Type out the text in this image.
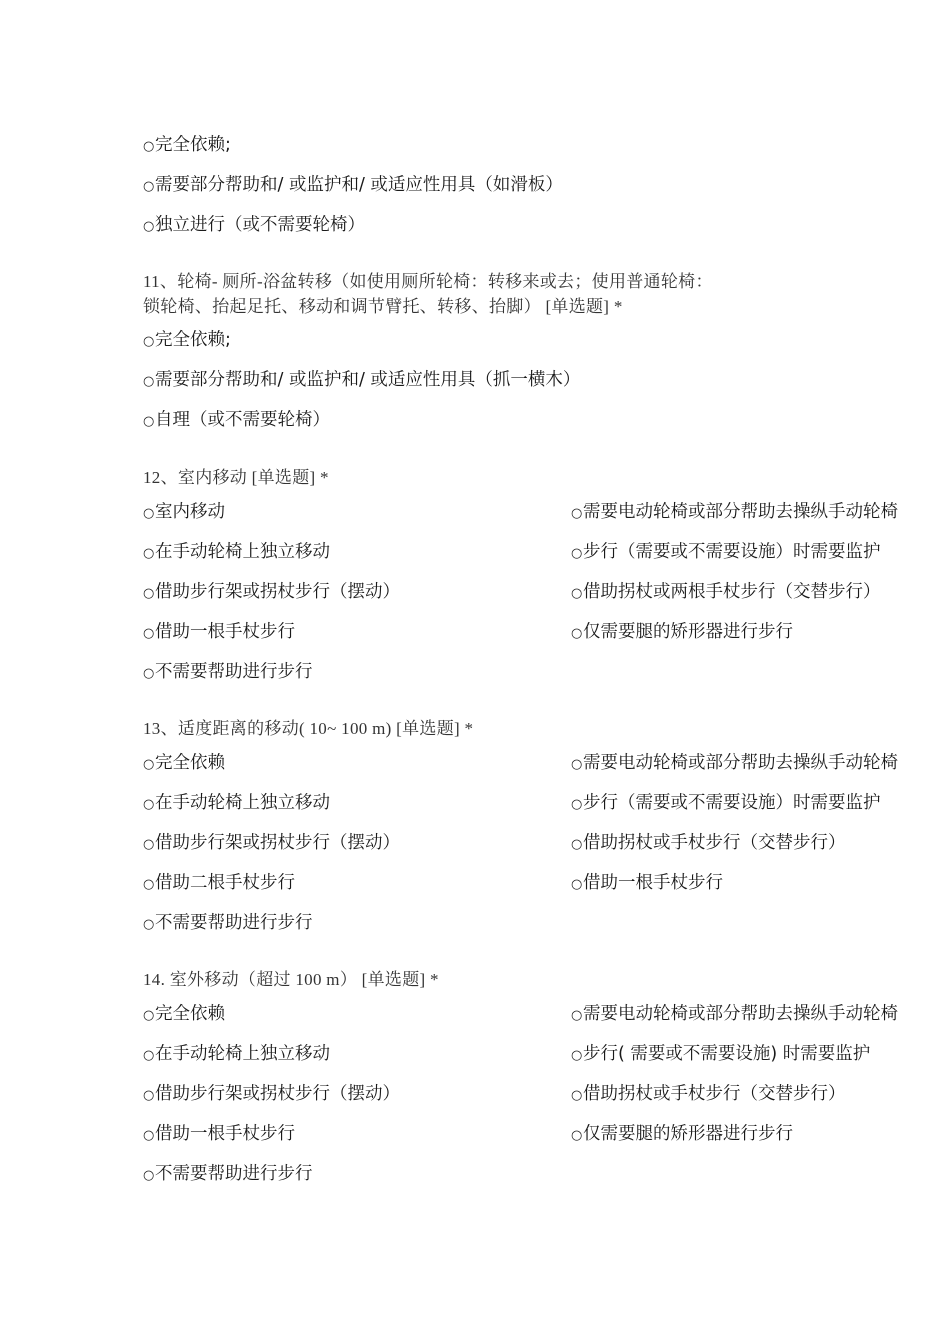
○完全依赖;
○需要部分帮助和/ 或监护和/ 或适应性用具（如滑板）
○独立进行（或不需要轮椅）
11、轮椅- 厕所-浴盆转移（如使用厕所轮椅：转移来或去；使用普通轮椅：
锁轮椅、抬起足托、移动和调节臂托、转移、抬脚） [单选题] *
○完全依赖;
○需要部分帮助和/ 或监护和/ 或适应性用具（抓一横木）
○自理（或不需要轮椅）
12、室内移动 [单选题] *
○室内移动	○需要电动轮椅或部分帮助去操纵手动轮椅
○在手动轮椅上独立移动	○步行（需要或不需要设施）时需要监护
○借助步行架或拐杖步行（摆动）	○借助拐杖或两根手杖步行（交替步行）
○借助一根手杖步行	○仅需要腿的矫形器进行步行
○不需要帮助进行步行
13、适度距离的移动( 10~ 100 m) [单选题] *
○完全依赖	○需要电动轮椅或部分帮助去操纵手动轮椅
○在手动轮椅上独立移动	○步行（需要或不需要设施）时需要监护
○借助步行架或拐杖步行（摆动）	○借助拐杖或手杖步行（交替步行）
○借助二根手杖步行	○借助一根手杖步行
○不需要帮助进行步行
14. 室外移动（超过 100 m） [单选题] *
○完全依赖	○需要电动轮椅或部分帮助去操纵手动轮椅
○在手动轮椅上独立移动	○步行( 需要或不需要设施) 时需要监护
○借助步行架或拐杖步行（摆动）	○借助拐杖或手杖步行（交替步行）
○借助一根手杖步行	○仅需要腿的矫形器进行步行
○不需要帮助进行步行
